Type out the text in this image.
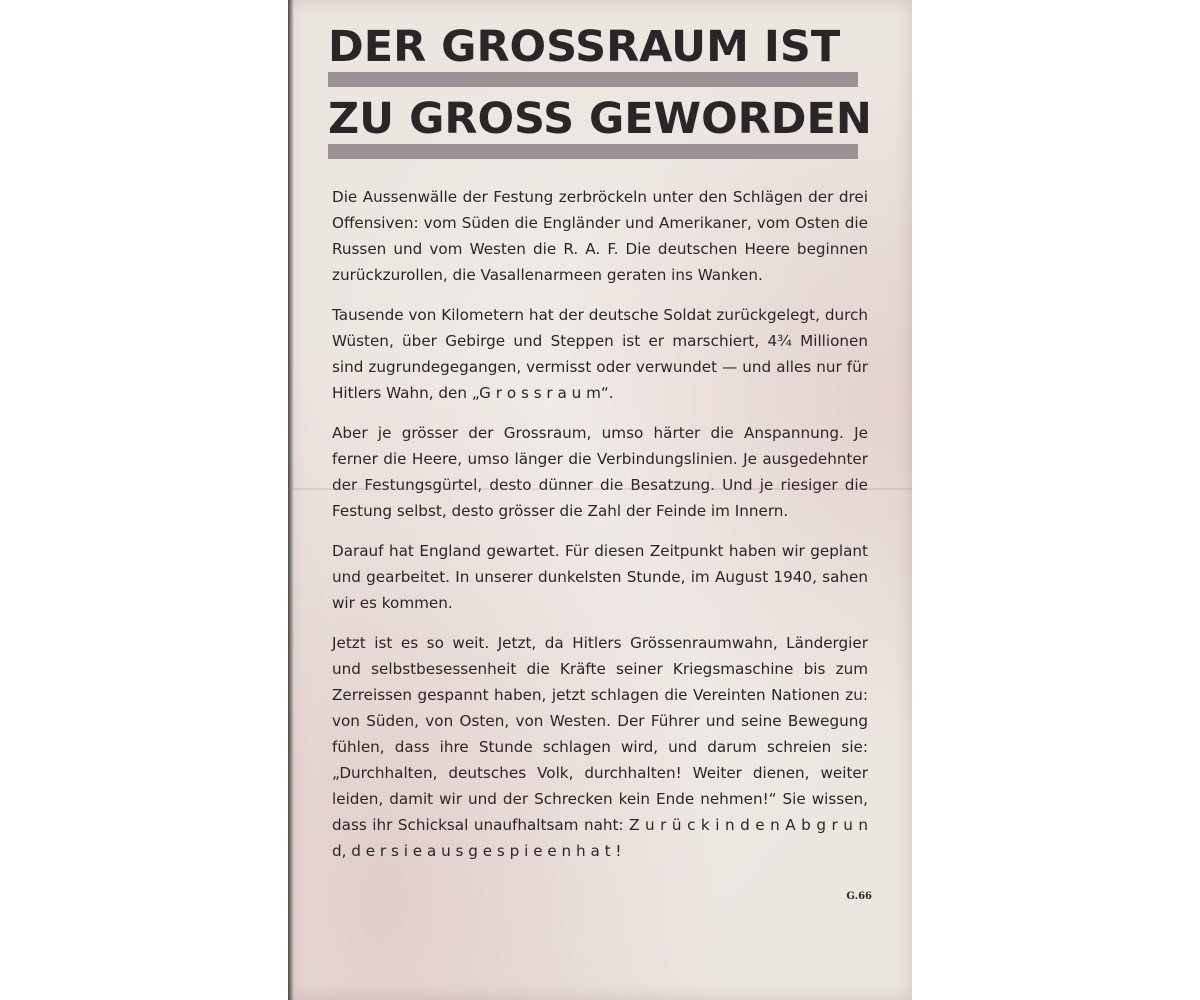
DER GROSSRAUM IST
ZU GROSS GEWORDEN

Die Aussenwälle der Festung zerbröckeln unter den Schlägen der drei Offensiven: vom Süden die Engländer und Amerikaner, vom Osten die Russen und vom Westen die R. A. F. Die deutschen Heere beginnen zurückzurollen, die Vasallenarmeen geraten ins Wanken.

Tausende von Kilometern hat der deutsche Soldat zurückgelegt, durch Wüsten, über Gebirge und Steppen ist er marschiert, 4¾ Millionen sind zugrundegegangen, vermisst oder verwundet — und alles nur für Hitlers Wahn, den „G r o s s r a u m“.

Aber je grösser der Grossraum, umso härter die Anspannung. Je ferner die Heere, umso länger die Verbindungslinien. Je ausgedehnter der Festungsgürtel, desto dünner die Besatzung. Und je riesiger die Festung selbst, desto grösser die Zahl der Feinde im Innern.

Darauf hat England gewartet. Für diesen Zeitpunkt haben wir geplant und gearbeitet. In unserer dunkelsten Stunde, im August 1940, sahen wir es kommen.

Jetzt ist es so weit. Jetzt, da Hitlers Grössenraumwahn, Ländergier und selbstbesessenheit die Kräfte seiner Kriegsmaschine bis zum Zerreissen gespannt haben, jetzt schlagen die Vereinten Nationen zu: von Süden, von Osten, von Westen. Der Führer und seine Bewegung fühlen, dass ihre Stunde schlagen wird, und darum schreien sie: „Durchhalten, deutsches Volk, durchhalten! Weiter dienen, weiter leiden, damit wir und der Schrecken kein Ende nehmen!“ Sie wissen, dass ihr Schicksal unaufhaltsam naht: Z u r ü c k i n d e n A b g r u n d, d e r s i e a u s g e s p i e e n h a t !

G.66
